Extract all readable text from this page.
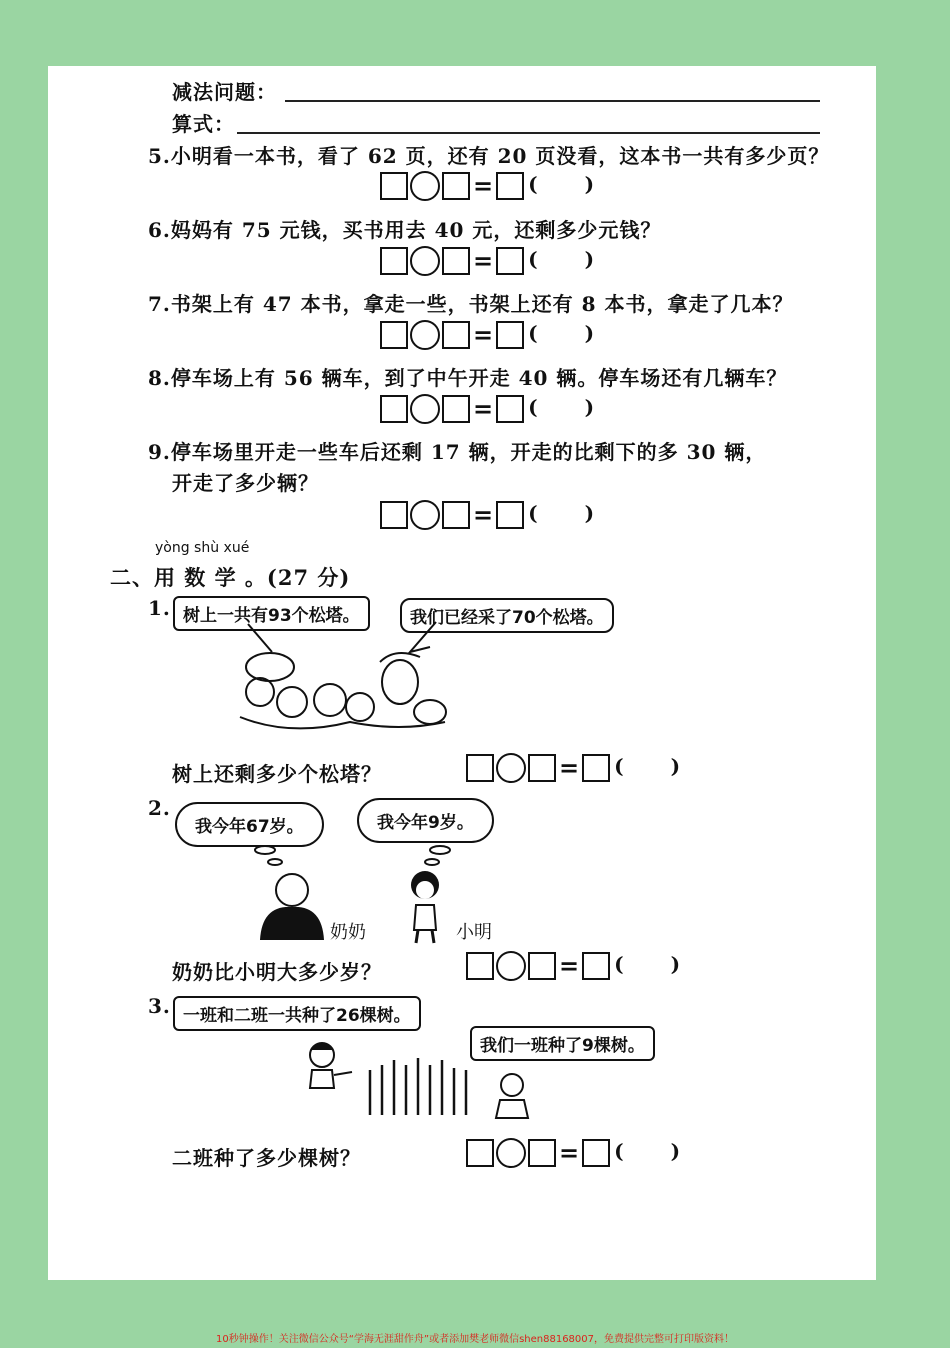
减法问题：
算式：
5.小明看一本书，看了 62 页，还有 20 页没看，这本书一共有多少页？
= ( )
6.妈妈有 75 元钱，买书用去 40 元，还剩多少元钱？
= ( )
7.书架上有 47 本书，拿走一些，书架上还有 8 本书，拿走了几本？
= ( )
8.停车场上有 56 辆车，到了中午开走 40 辆。停车场还有几辆车？
= ( )
9.停车场里开走一些车后还剩 17 辆，开走的比剩下的多 30 辆，
开走了多少辆？
= ( )
yòng shù xué
二、用 数 学 。(27 分)
1. 树上一共有93个松塔。	我们已经采了70个松塔。
树上还剩多少个松塔？	= ( )
2.
我今年67岁。	我今年9岁。
奶奶	小明
奶奶比小明大多少岁？	= ( )
3. 一班和二班一共种了26棵树。
我们一班种了9棵树。
二班种了多少棵树？	= ( )
10秒钟操作！关注微信公众号“学海无涯甜作舟”或者添加樊老师微信shen88168007，免费提供完整可打印版资料！
